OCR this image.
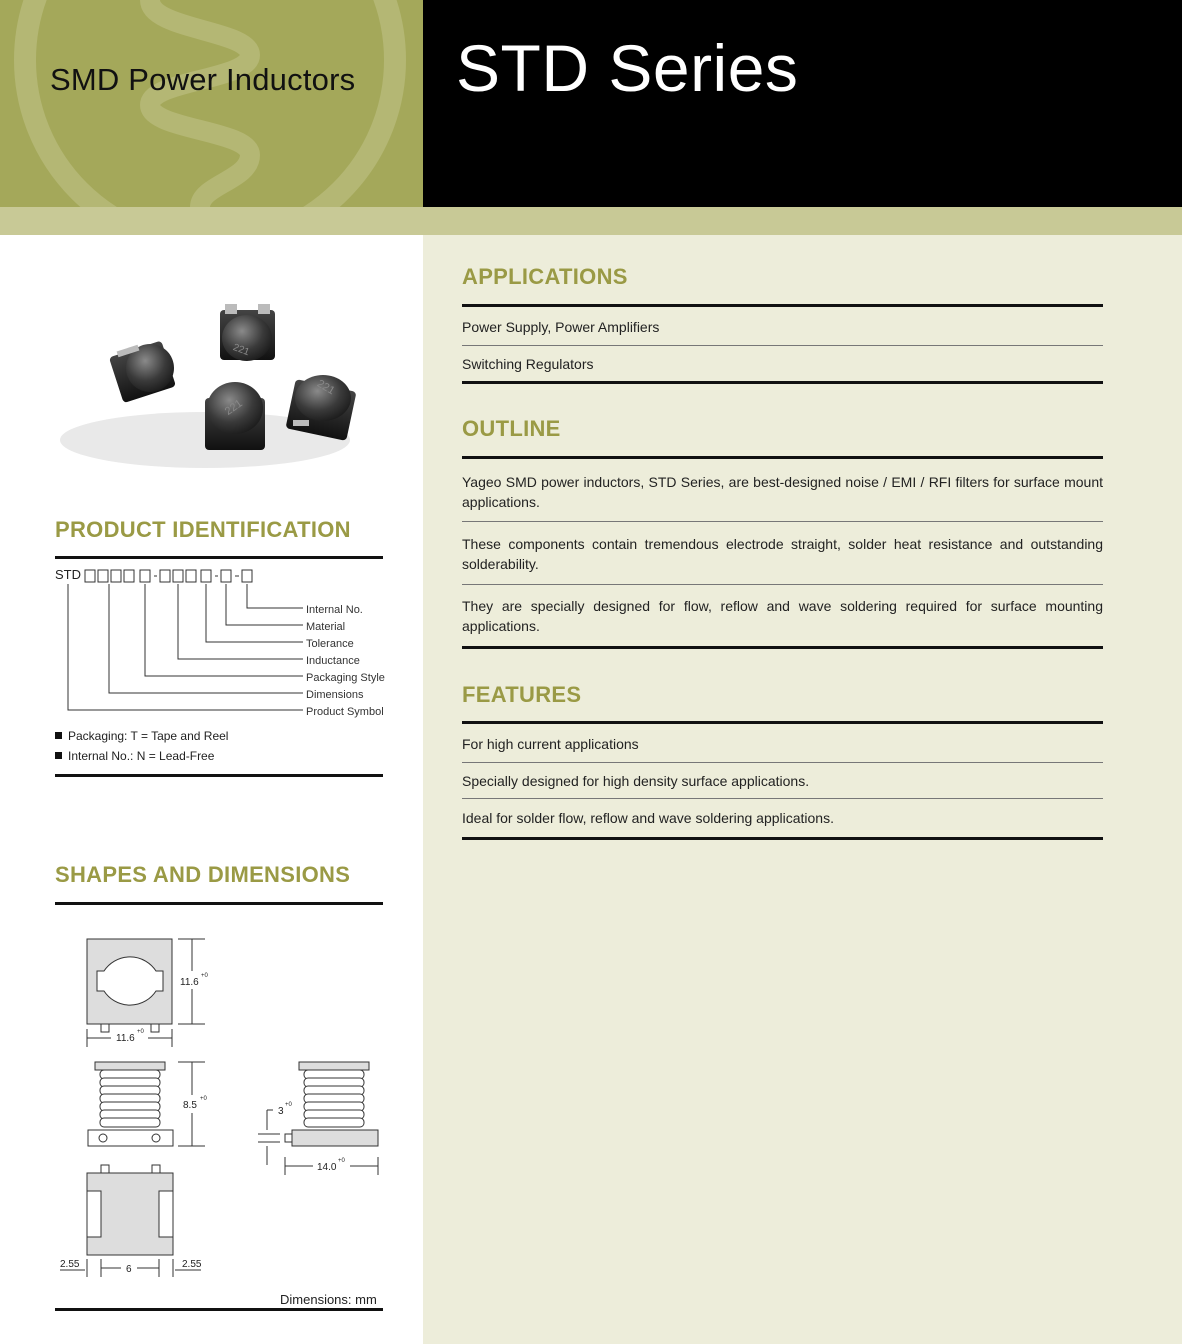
SMD Power Inductors STD Series
APPLICATIONS
Power Supply, Power Amplifiers
Switching Regulators
OUTLINE
Yageo SMD power inductors, STD Series, are best-designed noise / EMI / RFI filters for surface mount applications.
These components contain tremendous electrode straight, solder heat resistance and outstanding solderability.
They are specially designed for flow, reflow and wave soldering required for surface mounting applications.
FEATURES
For high current applications
Specially designed for high density surface applications.
Ideal for solder flow, reflow and wave soldering applications.
221
221
221
PRODUCT IDENTIFICATION
STD
Internal No.
Material
Tolerance
Inductance
Packaging Style
Dimensions
Product Symbol
Packaging: T = Tape and Reel
Internal No.: N = Lead-Free
SHAPES AND DIMENSIONS
11.6
+0
11.6
+0
8.5
+0
3
+0
14.0
+0
2.55	6	2.55
Dimensions: mm
